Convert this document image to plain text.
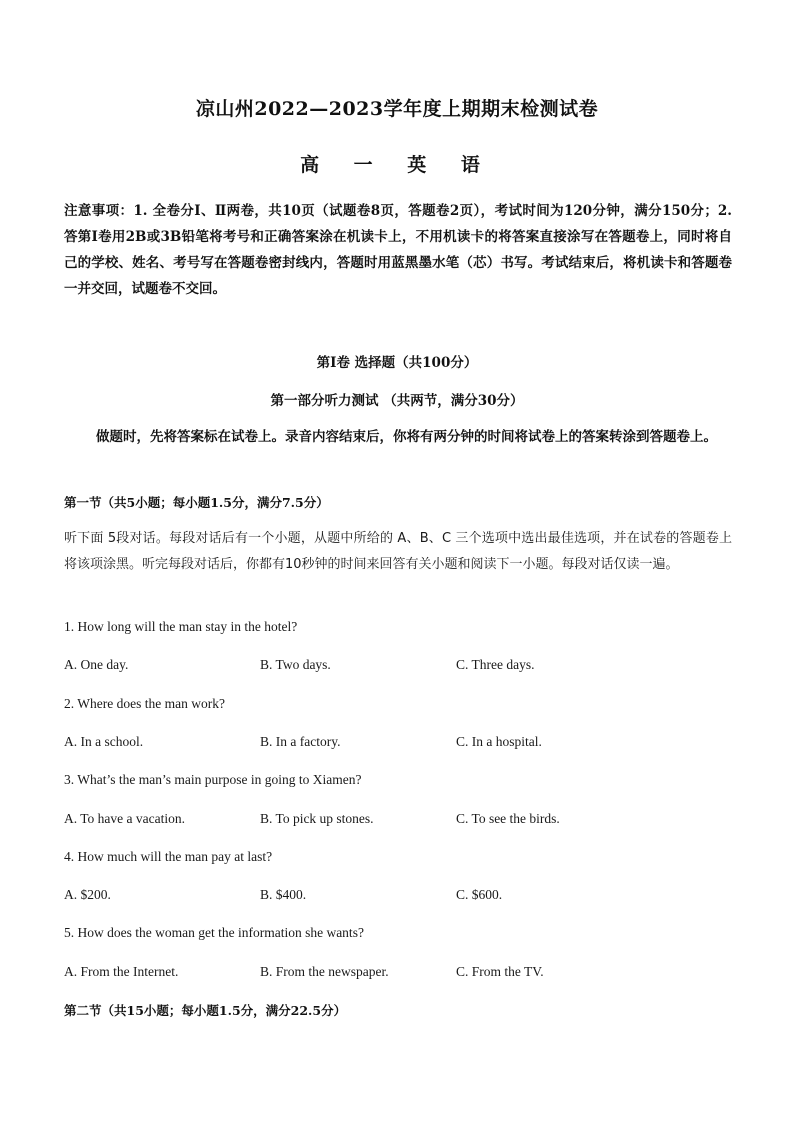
凉山州2022—2023学年度上期期末检测试卷
高 一 英 语
注意事项：1. 全卷分Ⅰ、Ⅱ两卷，共10页（试题卷8页，答题卷2页），考试时间为120分钟，满分150分；2. 答第Ⅰ卷用2B或3B铅笔将考号和正确答案涂在机读卡上，不用机读卡的将答案直接涂写在答题卷上，同时将自己的学校、姓名、考号写在答题卷密封线内，答题时用蓝黑墨水笔（芯）书写。考试结束后，将机读卡和答题卷一并交回，试题卷不交回。
第Ⅰ卷 选择题（共100分）
第一部分听力测试 （共两节，满分30分）
做题时，先将答案标在试卷上。录音内容结束后，你将有两分钟的时间将试卷上的答案转涂到答题卷上。
第一节（共5小题；每小题1.5分，满分7.5分）
听下面 5段对话。每段对话后有一个小题，从题中所给的 A、B、C 三个选项中选出最佳选项，并在试卷的答题卷上将该项涂黑。听完每段对话后，你都有10秒钟的时间来回答有关小题和阅读下一小题。每段对话仅读一遍。
1. How long will the man stay in the hotel?
A. One day.	B. Two days.	C. Three days.
2. Where does the man work?
A. In a school.	B. In a factory.	C. In a hospital.
3. What’s the man’s main purpose in going to Xiamen?
A. To have a vacation.	B. To pick up stones.	C. To see the birds.
4. How much will the man pay at last?
A. $200.	B. $400.	C. $600.
5. How does the woman get the information she wants?
A. From the Internet.	B. From the newspaper.	C. From the TV.
第二节（共15小题；每小题1.5分，满分22.5分）
